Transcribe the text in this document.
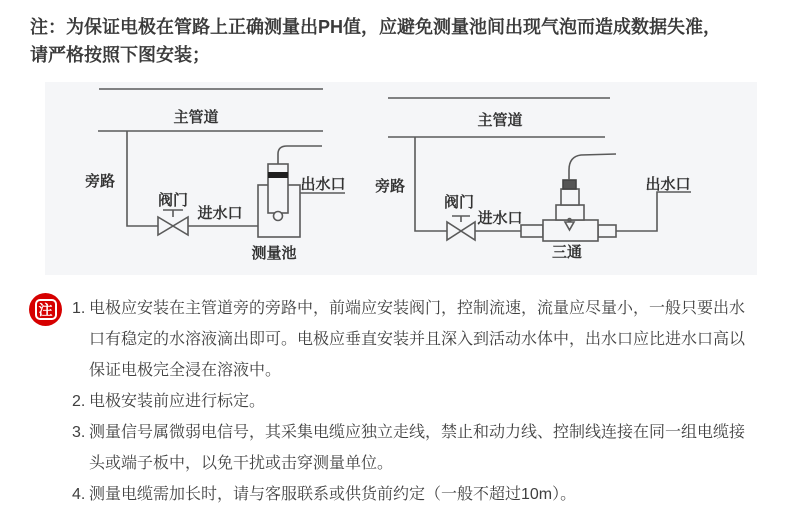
注：为保证电极在管路上正确测量出PH值，应避免测量池间出现气泡而造成数据失准，
请严格按照下图安装；
主管道
旁路
阀门
进水口
出水口
测量池
主管道
旁路
阀门
进水口
出水口
三通
注 1. 电极应安装在主管道旁的旁路中，前端应安装阀门，控制流速，流量应尽量小，一般只要出水
口有稳定的水溶液滴出即可。电极应垂直安装并且深入到活动水体中，出水口应比进水口高以
保证电极完全浸在溶液中。
2. 电极安装前应进行标定。
3. 测量信号属微弱电信号，其采集电缆应独立走线，禁止和动力线、控制线连接在同一组电缆接
头或端子板中，以免干扰或击穿测量单位。
4. 测量电缆需加长时，请与客服联系或供货前约定（一般不超过10m）。
